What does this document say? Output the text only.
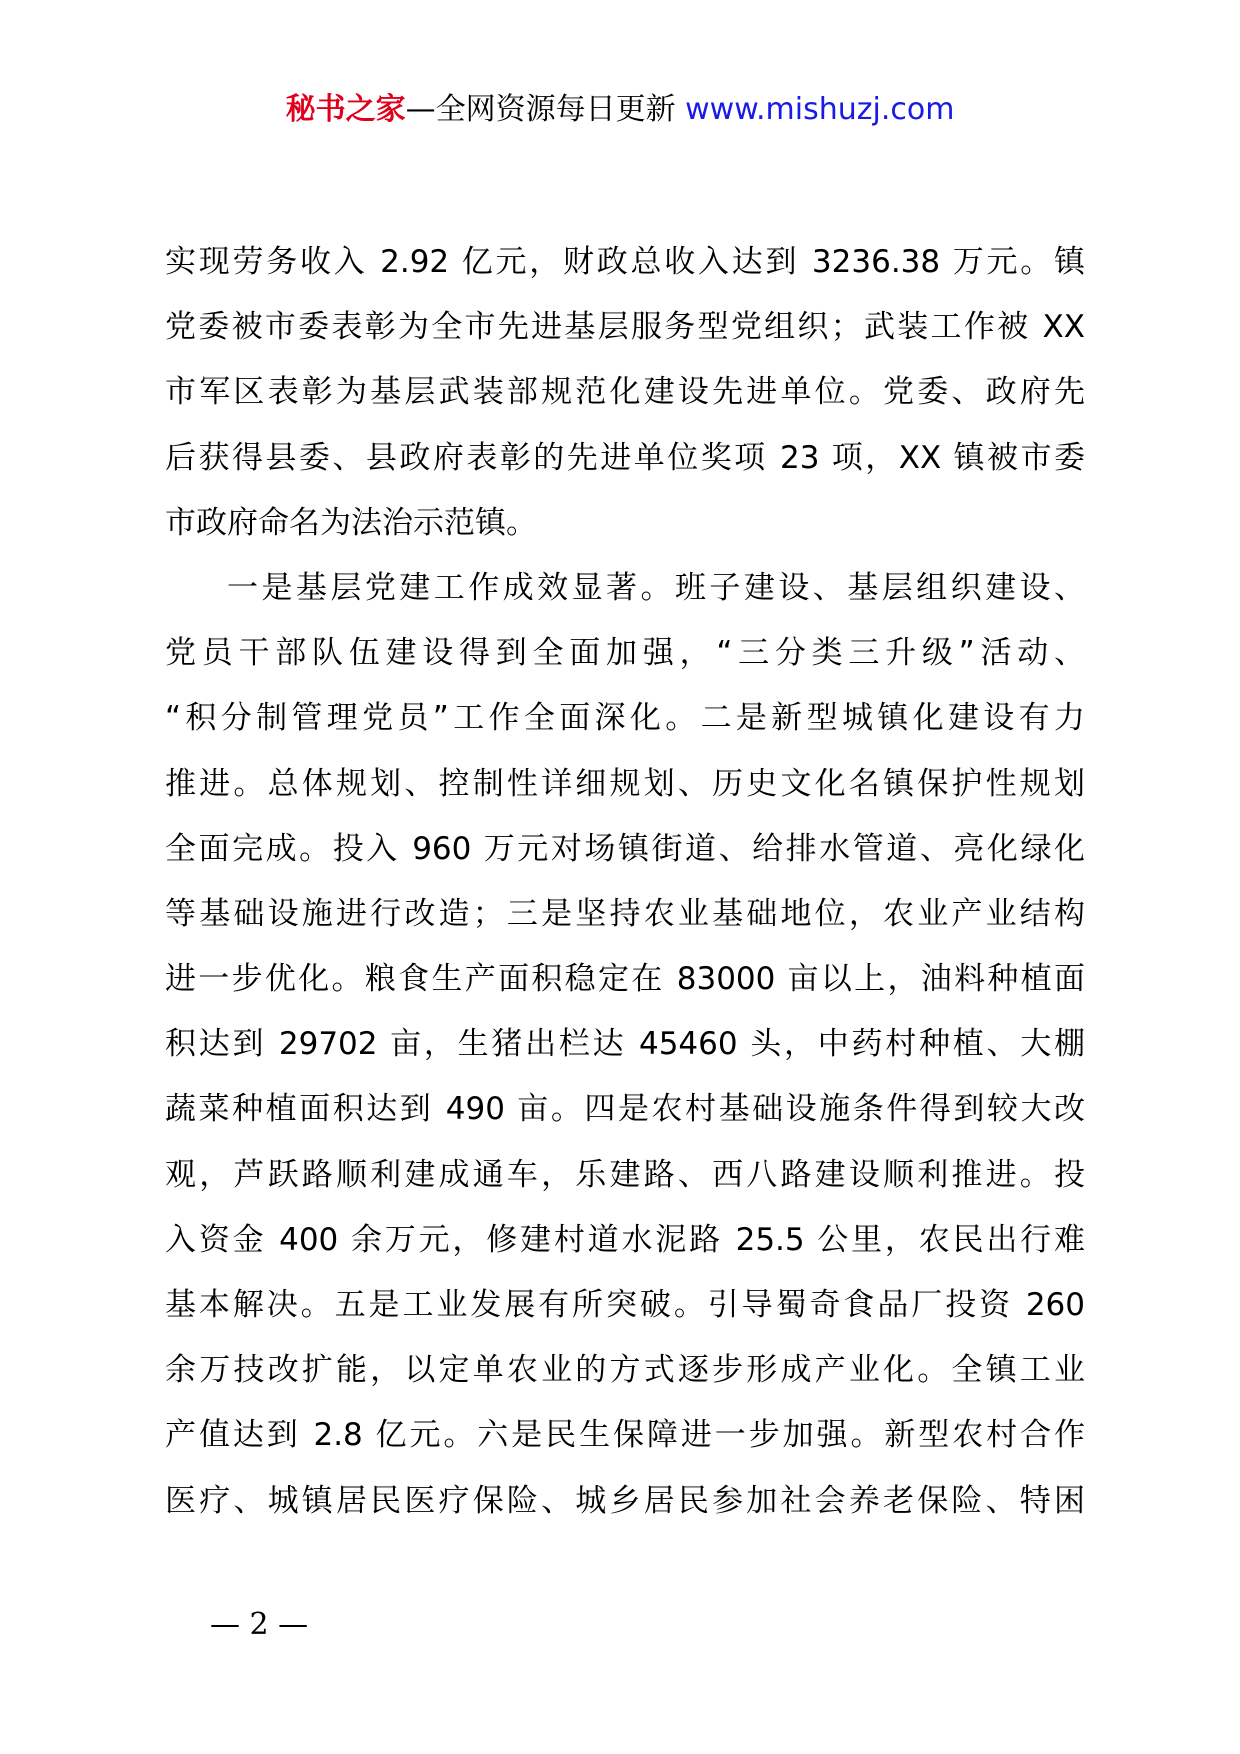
秘书之家—全网资源每日更新 www.mishuzj.com
实现劳务收入 2.92 亿元，财政总收入达到 3236.38 万元。镇
党委被市委表彰为全市先进基层服务型党组织；武装工作被 XX
市军区表彰为基层武装部规范化建设先进单位。党委、政府先
后获得县委、县政府表彰的先进单位奖项 23 项，XX 镇被市委
市政府命名为法治示范镇。
一是基层党建工作成效显著。班子建设、基层组织建设、
党员干部队伍建设得到全面加强，“三分类三升级”活动、
“积分制管理党员”工作全面深化。二是新型城镇化建设有力
推进。总体规划、控制性详细规划、历史文化名镇保护性规划
全面完成。投入 960 万元对场镇街道、给排水管道、亮化绿化
等基础设施进行改造；三是坚持农业基础地位，农业产业结构
进一步优化。粮食生产面积稳定在 83000 亩以上，油料种植面
积达到 29702 亩，生猪出栏达 45460 头，中药村种植、大棚
蔬菜种植面积达到 490 亩。四是农村基础设施条件得到较大改
观，芦跃路顺利建成通车，乐建路、西八路建设顺利推进。投
入资金 400 余万元，修建村道水泥路 25.5 公里，农民出行难
基本解决。五是工业发展有所突破。引导蜀奇食品厂投资 260
余万技改扩能，以定单农业的方式逐步形成产业化。全镇工业
产值达到 2.8 亿元。六是民生保障进一步加强。新型农村合作
医疗、城镇居民医疗保险、城乡居民参加社会养老保险、特困
— 2 —
